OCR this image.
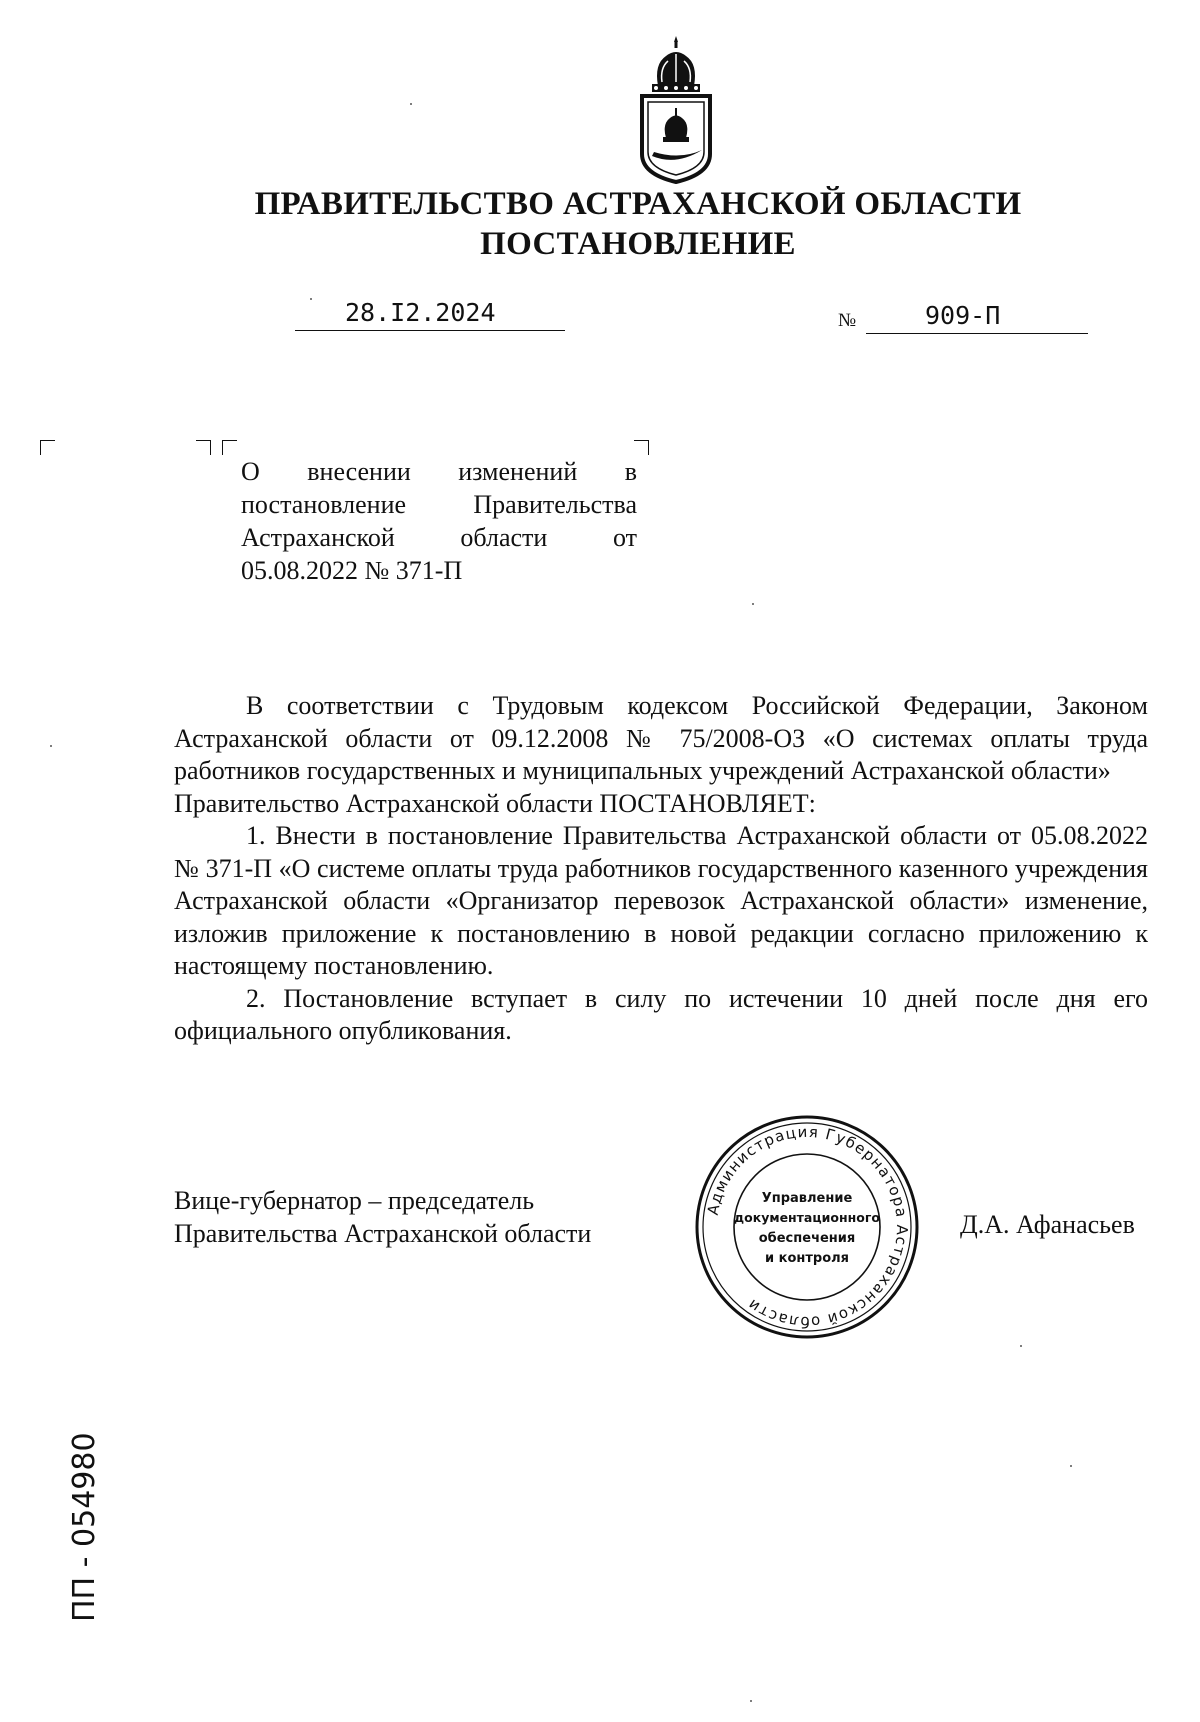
ПРАВИТЕЛЬСТВО АСТРАХАНСКОЙ ОБЛАСТИ
ПОСТАНОВЛЕНИЕ
28.I2.2024	№	909-П
О внесении изменений в постановление Правительства Астраханской области от 05.08.2022 № 371-П

В соответствии с Трудовым кодексом Российской Федерации, Законом Астраханской области от 09.12.2008 № 75/2008-ОЗ «О системах оплаты труда работников государственных и муниципальных учреждений Астраханской области»

Правительство Астраханской области ПОСТАНОВЛЯЕТ:

1. Внести в постановление Правительства Астраханской области от 05.08.2022 № 371-П «О системе оплаты труда работников государственного казенного учреждения Астраханской области «Организатор перевозок Астраханской области» изменение, изложив приложение к постановлению в новой редакции согласно приложению к настоящему постановлению.

2. Постановление вступает в силу по истечении 10 дней после дня его официального опубликования.

Вице-губернатор – председатель
Правительства Астраханской области	Д.А. Афанасьев
Администрация Губернатора Астраханской области
Управление
документационного
обеспечения
и контроля
ПП - 054980
